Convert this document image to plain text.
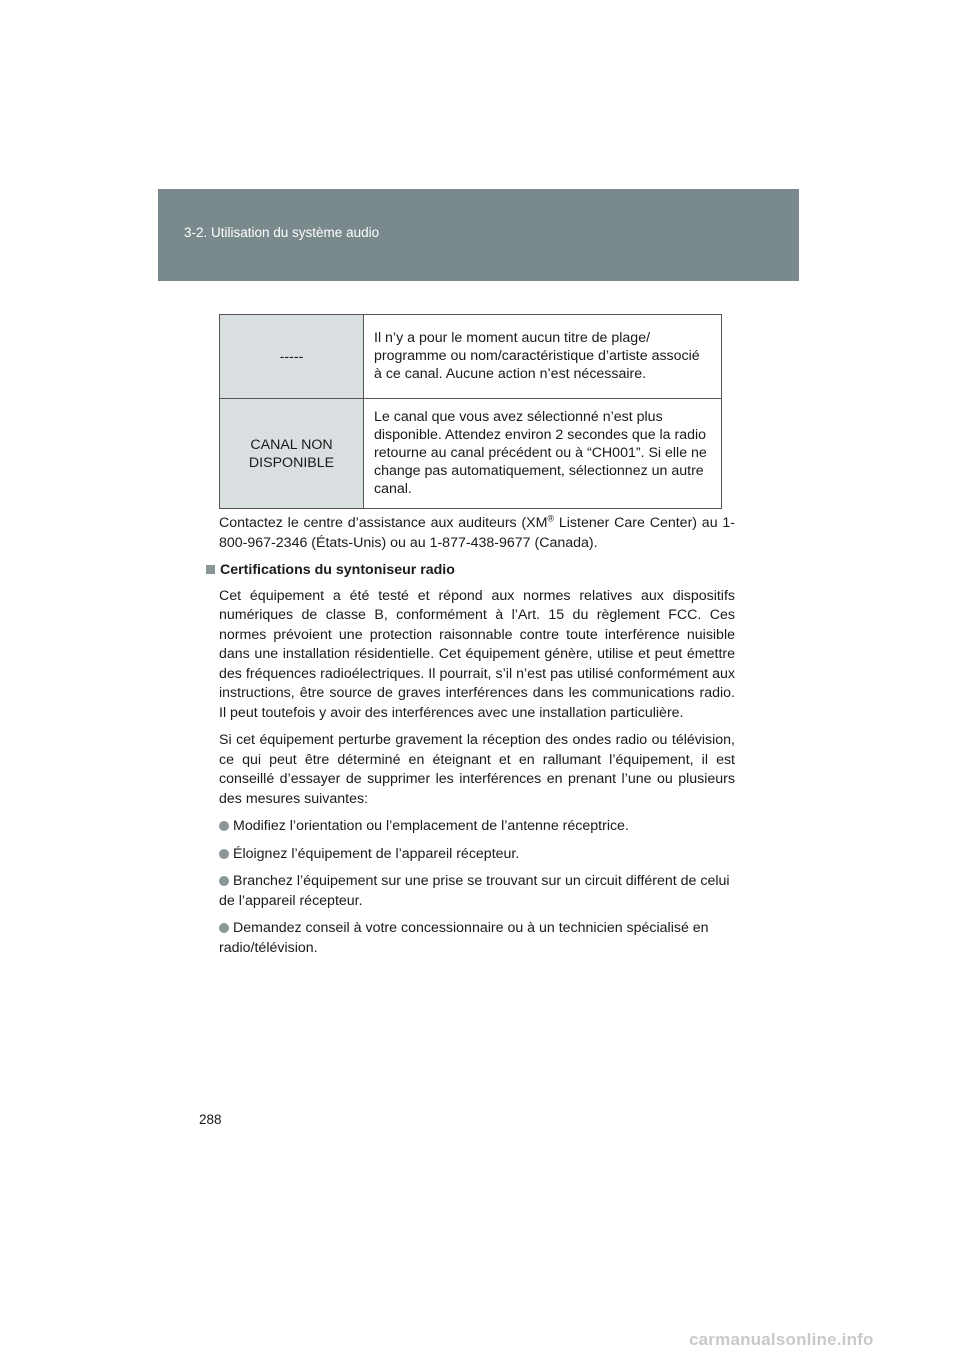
3-2. Utilisation du système audio
-----	Il n’y a pour le moment aucun titre de plage/ programme ou nom/caractéristique d’artiste associé à ce canal. Aucune action n’est nécessaire.
CANAL NON
DISPONIBLE	Le canal que vous avez sélectionné n’est plus disponible. Attendez environ 2 secondes que la radio retourne au canal précédent ou à “CH001”. Si elle ne change pas automatiquement, sélectionnez un autre canal.

Contactez le centre d’assistance aux auditeurs (XM® Listener Care Center) au 1-800-967-2346 (États-Unis) ou au 1-877-438-9677 (Canada).

Certifications du syntoniseur radio

Cet équipement a été testé et répond aux normes relatives aux dispositifs numériques de classe B, conformément à l’Art. 15 du règlement FCC. Ces normes prévoient une protection raisonnable contre toute interférence nuisible dans une installation résidentielle. Cet équipement génère, utilise et peut émettre des fréquences radioélectriques. Il pourrait, s’il n’est pas utilisé conformément aux instructions, être source de graves interférences dans les communications radio. Il peut toutefois y avoir des interférences avec une installation particulière.

Si cet équipement perturbe gravement la réception des ondes radio ou télévision, ce qui peut être déterminé en éteignant et en rallumant l’équipement, il est conseillé d’essayer de supprimer les interférences en prenant l’une ou plusieurs des mesures suivantes:

Modifiez l’orientation ou l’emplacement de l’antenne réceptrice.
Éloignez l’équipement de l’appareil récepteur.
Branchez l’équipement sur une prise se trouvant sur un circuit différent de celui de l’appareil récepteur.
Demandez conseil à votre concessionnaire ou à un technicien spécialisé en radio/télévision.
288
carmanualsonline.info
